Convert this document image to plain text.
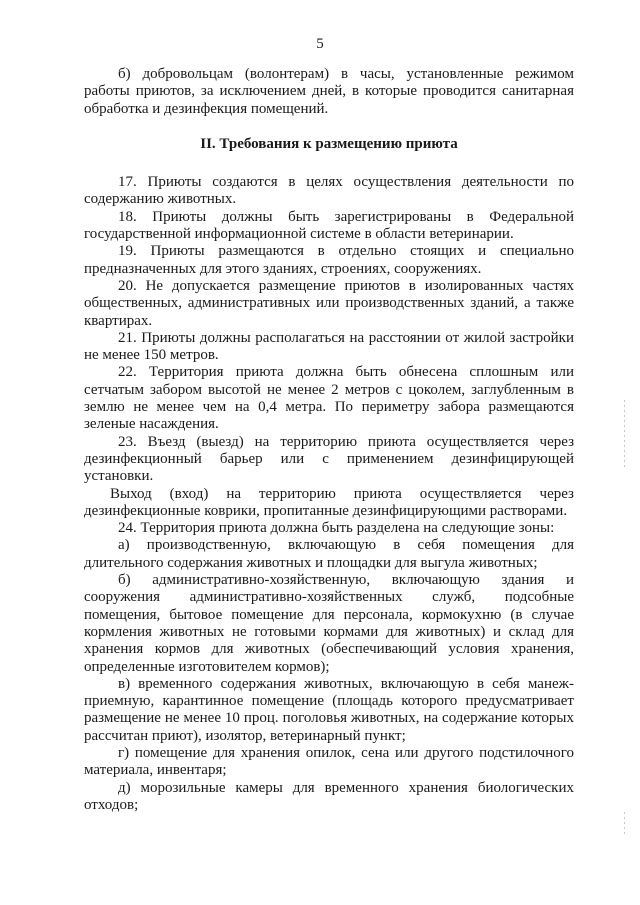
5

б) добровольцам (волонтерам) в часы, установленные режимом работы приютов, за исключением дней, в которые проводится санитарная обработка и дезинфекция помещений.

II. Требования к размещению приюта

17. Приюты создаются в целях осуществления деятельности по содержанию животных.

18. Приюты должны быть зарегистрированы в Федеральной государственной информационной системе в области ветеринарии.

19. Приюты размещаются в отдельно стоящих и специально предназначенных для этого зданиях, строениях, сооружениях.

20. Не допускается размещение приютов в изолированных частях общественных, административных или производственных зданий, а также квартирах.

21. Приюты должны располагаться на расстоянии от жилой застройки не менее 150 метров.

22. Территория приюта должна быть обнесена сплошным или сетчатым забором высотой не менее 2 метров с цоколем, заглубленным в землю не менее чем на 0,4 метра. По периметру забора размещаются зеленые насаждения.

23. Въезд (выезд) на территорию приюта осуществляется через дезинфекционный барьер или с применением дезинфицирующей установки.

Выход (вход) на территорию приюта осуществляется через дезинфекционные коврики, пропитанные дезинфицирующими растворами.

24. Территория приюта должна быть разделена на следующие зоны:

а) производственную, включающую в себя помещения для длительного содержания животных и площадки для выгула животных;

б) административно-хозяйственную, включающую здания и сооружения административно-хозяйственных служб, подсобные помещения, бытовое помещение для персонала, кормокухню (в случае кормления животных не готовыми кормами для животных) и склад для хранения кормов для животных (обеспечивающий условия хранения, определенные изготовителем кормов);

в) временного содержания животных, включающую в себя манеж-приемную, карантинное помещение (площадь которого предусматривает размещение не менее 10 проц. поголовья животных, на содержание которых рассчитан приют), изолятор, ветеринарный пункт;

г) помещение для хранения опилок, сена или другого подстилочного материала, инвентаря;

д) морозильные камеры для временного хранения биологических отходов;
